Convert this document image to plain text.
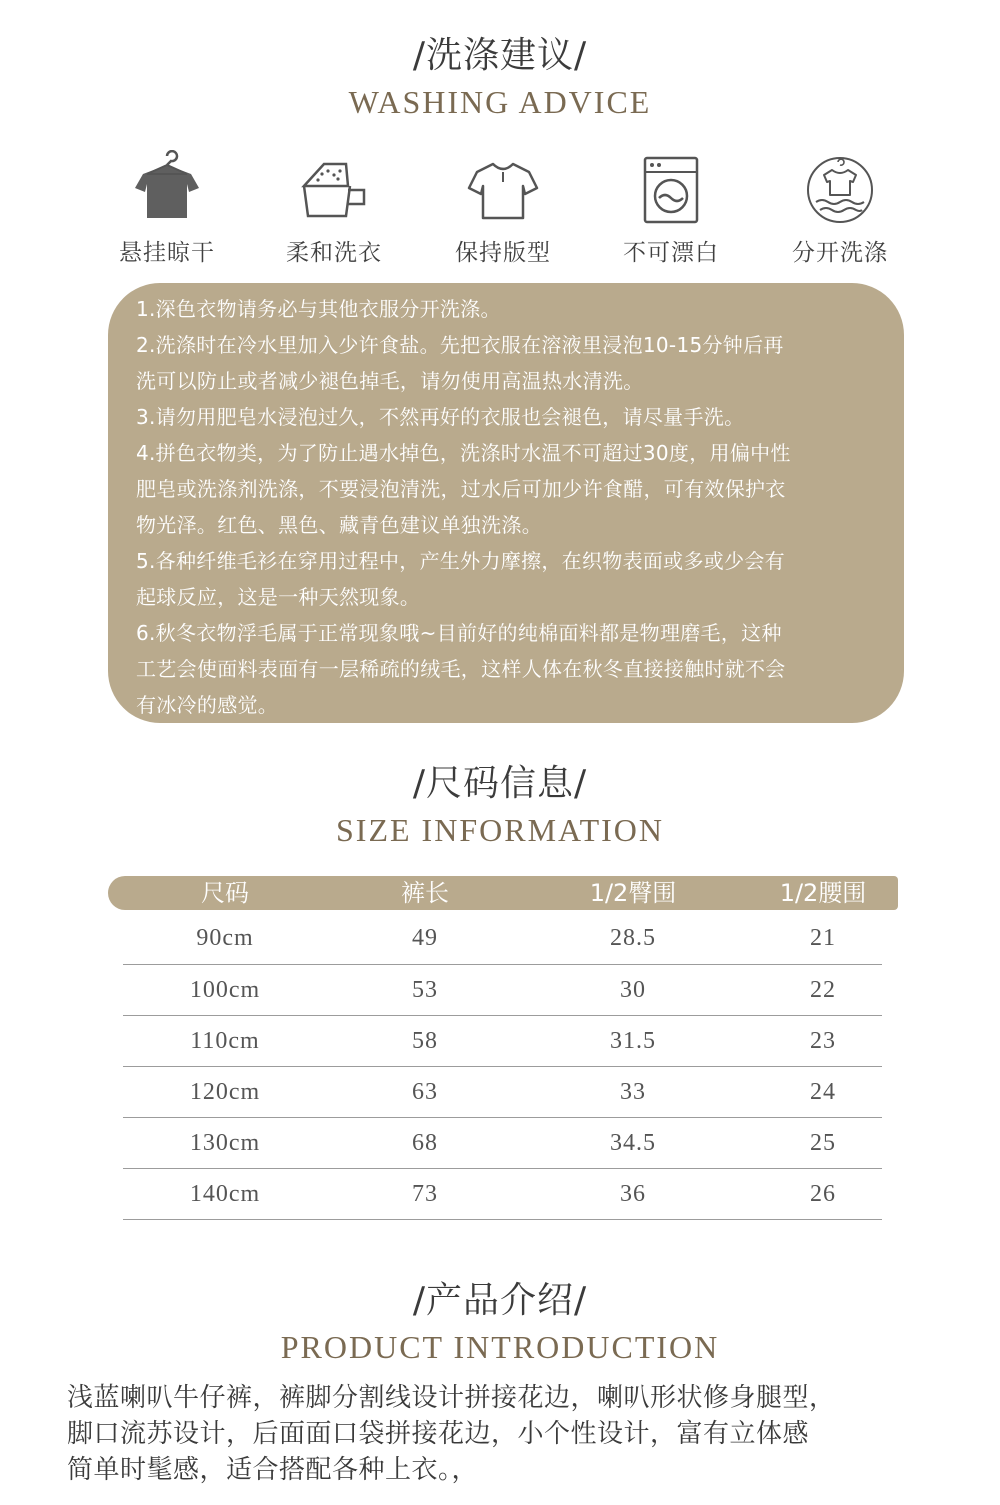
/洗涤建议/
WASHING ADVICE
悬挂晾干	柔和洗衣	保持版型	不可漂白	分开洗涤

1.深色衣物请务必与其他衣服分开洗涤。

2.洗涤时在冷水里加入少许食盐。先把衣服在溶液里浸泡10-15分钟后再

洗可以防止或者减少褪色掉毛，请勿使用高温热水清洗。

3.请勿用肥皂水浸泡过久，不然再好的衣服也会褪色，请尽量手洗。

4.拼色衣物类，为了防止遇水掉色，洗涤时水温不可超过30度，用偏中性

肥皂或洗涤剂洗涤，不要浸泡清洗，过水后可加少许食醋，可有效保护衣

物光泽。红色、黑色、藏青色建议单独洗涤。

5.各种纤维毛衫在穿用过程中，产生外力摩擦，在织物表面或多或少会有

起球反应，这是一种天然现象。

6.秋冬衣物浮毛属于正常现象哦~目前好的纯棉面料都是物理磨毛，这种

工艺会使面料表面有一层稀疏的绒毛，这样人体在秋冬直接接触时就不会

有冰冷的感觉。

/尺码信息/
SIZE INFORMATION
尺码	裤长	1/2臀围	1/2腰围
90cm	49	28.5	21
100cm	53	30	22
110cm	58	31.5	23
120cm	63	33	24
130cm	68	34.5	25
140cm	73	36	26
/产品介绍/
PRODUCT INTRODUCTION

浅蓝喇叭牛仔裤，裤脚分割线设计拼接花边，喇叭形状修身腿型，

脚口流苏设计，后面面口袋拼接花边，小个性设计，富有立体感

简单时髦感，适合搭配各种上衣。，
